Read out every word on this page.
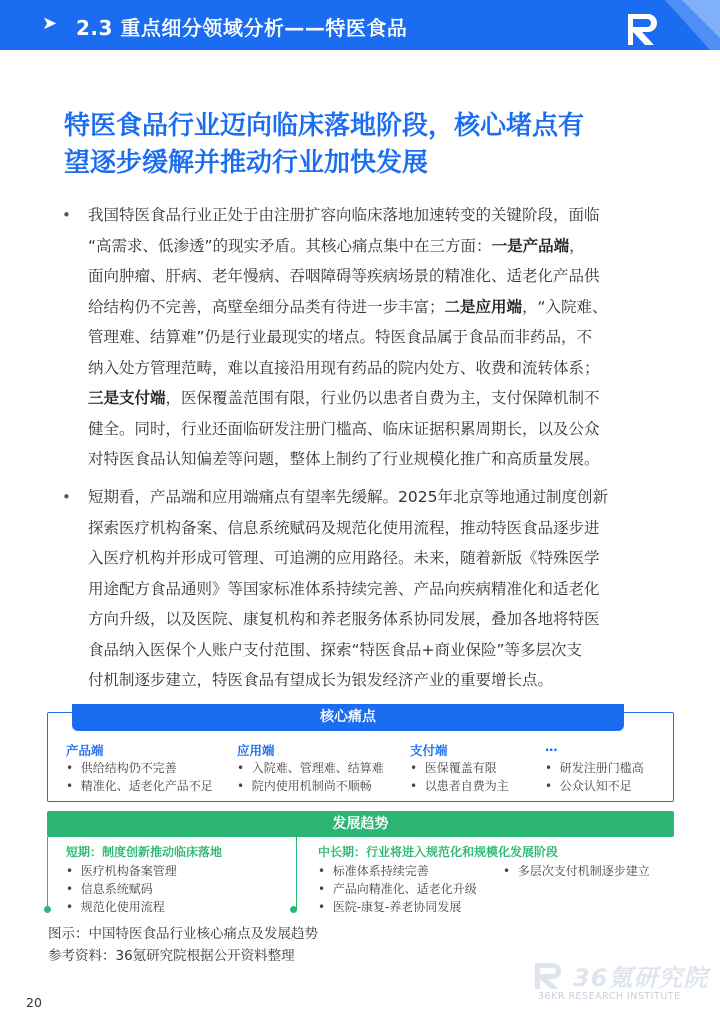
➤ 2.3 重点细分领域分析——特医食品
特医食品行业迈向临床落地阶段，核心堵点有
望逐步缓解并推动行业加快发展
• 我国特医食品行业正处于由注册扩容向临床落地加速转变的关键阶段，面临
“高需求、低渗透”的现实矛盾。其核心痛点集中在三方面：一是产品端，
面向肿瘤、肝病、老年慢病、吞咽障碍等疾病场景的精准化、适老化产品供
给结构仍不完善，高壁垒细分品类有待进一步丰富；二是应用端，“入院难、
管理难、结算难”仍是行业最现实的堵点。特医食品属于食品而非药品，不
纳入处方管理范畴，难以直接沿用现有药品的院内处方、收费和流转体系；
三是支付端，医保覆盖范围有限，行业仍以患者自费为主，支付保障机制不
健全。同时，行业还面临研发注册门槛高、临床证据积累周期长，以及公众
对特医食品认知偏差等问题，整体上制约了行业规模化推广和高质量发展。
• 短期看，产品端和应用端痛点有望率先缓解。2025年北京等地通过制度创新
探索医疗机构备案、信息系统赋码及规范化使用流程，推动特医食品逐步进
入医疗机构并形成可管理、可追溯的应用路径。未来，随着新版《特殊医学
用途配方食品通则》等国家标准体系持续完善、产品向疾病精准化和适老化
方向升级，以及医院、康复机构和养老服务体系协同发展，叠加各地将特医
食品纳入医保个人账户支付范围、探索“特医食品+商业保险”等多层次支
付机制逐步建立，特医食品有望成长为银发经济产业的重要增长点。
核心痛点
产品端
•  供给结构仍不完善
•  精准化、适老化产品不足
应用端
•  入院难、管理难、结算难
•  院内使用机制尚不顺畅
支付端
•  医保覆盖有限
•  以患者自费为主
…
•  研发注册门槛高
•  公众认知不足
发展趋势
短期：制度创新推动临床落地
•  医疗机构备案管理
•  信息系统赋码
•  规范化使用流程
中长期：行业将进入规范化和规模化发展阶段
•  标准体系持续完善
•  产品向精准化、适老化升级
•  医院-康复-养老协同发展
•  多层次支付机制逐步建立
图示：中国特医食品行业核心痛点及发展趋势
参考资料：36氪研究院根据公开资料整理
36氪研究院
36KR RESEARCH INSTITUTE
20
